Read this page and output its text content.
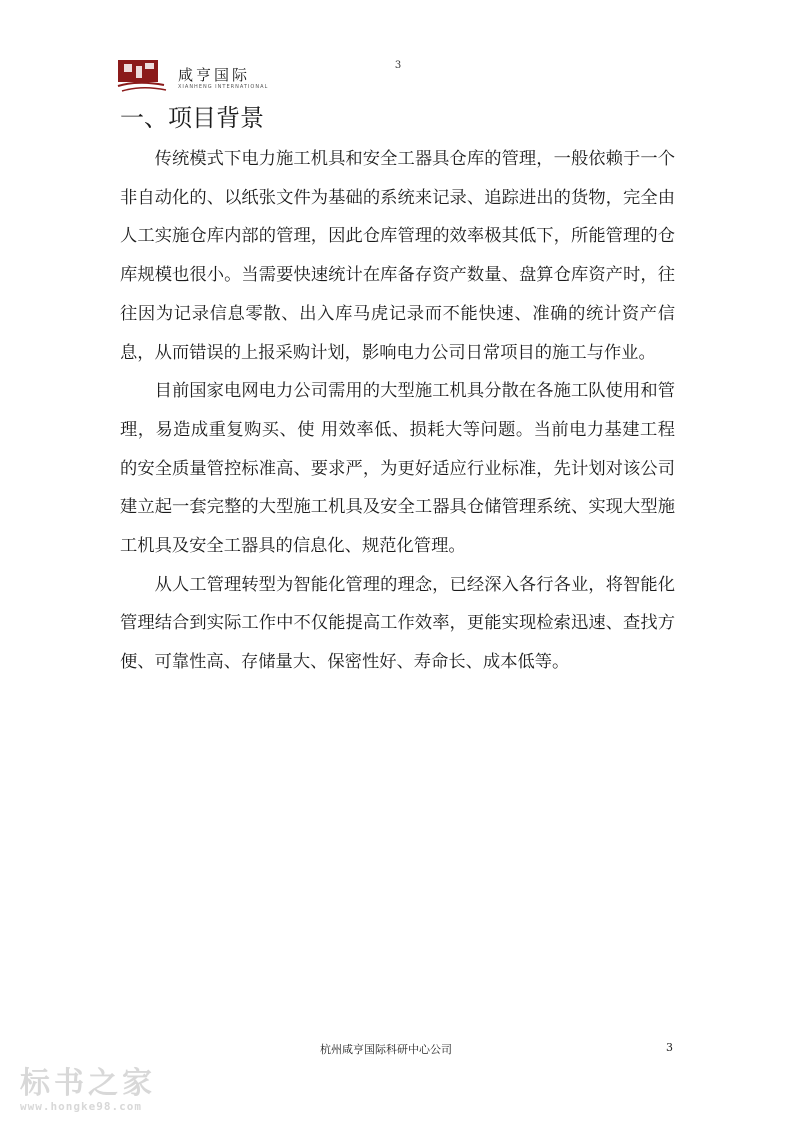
3
咸亨国际
XIANHENG INTERNATIONAL
一、项目背景

传统模式下电力施工机具和安全工器具仓库的管理，一般依赖于一个非自动化的、以纸张文件为基础的系统来记录、追踪进出的货物，完全由人工实施仓库内部的管理，因此仓库管理的效率极其低下，所能管理的仓库规模也很小。当需要快速统计在库备存资产数量、盘算仓库资产时，往往因为记录信息零散、出入库马虎记录而不能快速、准确的统计资产信息，从而错误的上报采购计划，影响电力公司日常项目的施工与作业。

目前国家电网电力公司需用的大型施工机具分散在各施工队使用和管理，易造成重复购买、使 用效率低、损耗大等问题。当前电力基建工程的安全质量管控标准高、要求严，为更好适应行业标准，先计划对该公司建立起一套完整的大型施工机具及安全工器具仓储管理系统、实现大型施工机具及安全工器具的信息化、规范化管理。

从人工管理转型为智能化管理的理念，已经深入各行各业，将智能化管理结合到实际工作中不仅能提高工作效率，更能实现检索迅速、查找方便、可靠性高、存储量大、保密性好、寿命长、成本低等。

杭州咸亨国际科研中心公司	3
标书之家
www.hongke98.com
